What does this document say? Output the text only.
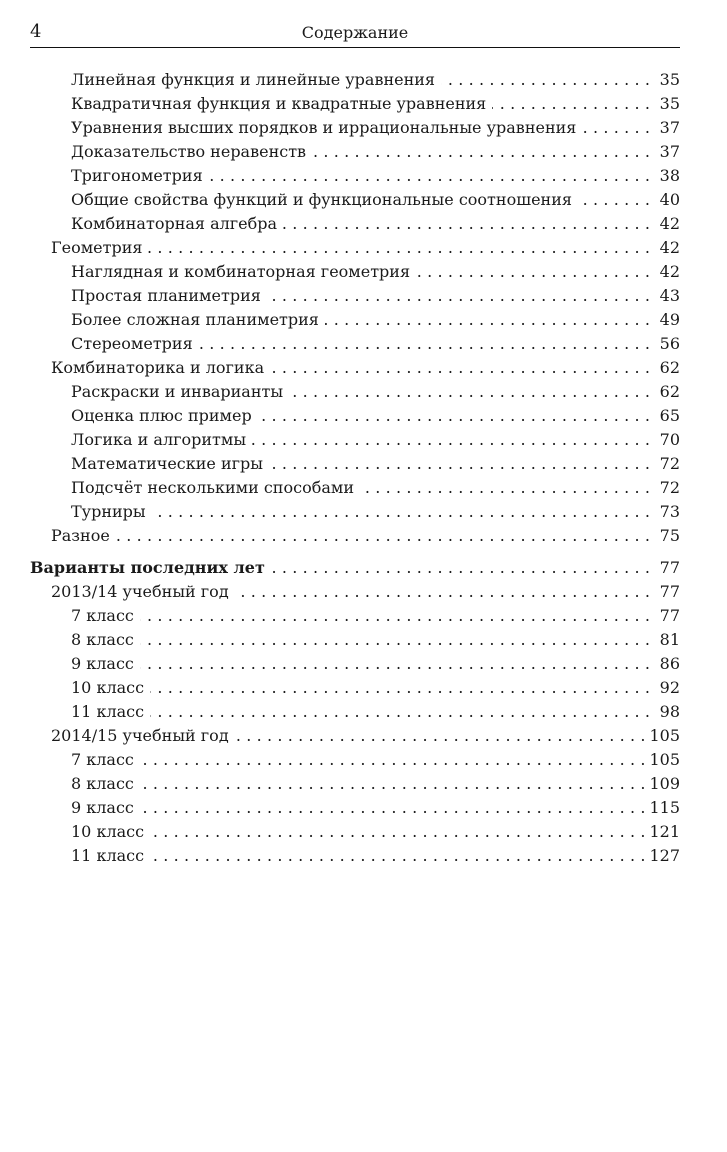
4	Содержание
Линейная функция и линейные уравнения . . .	35
Квадратичная функция и квадратные уравнения . . .	35
Уравнения высших порядков и иррациональные уравнения . . .	37
Доказательство неравенств . . .	37
Тригонометрия . . .	38
Общие свойства функций и функциональные соотношения . . .	40
Комбинаторная алгебра . . .	42
Геометрия . . .	42
Наглядная и комбинаторная геометрия . . .	42
Простая планиметрия . . .	43
Более сложная планиметрия . . .	49
Стереометрия . . .	56
Комбинаторика и логика . . .	62
Раскраски и инварианты . . .	62
Оценка плюс пример . . .	65
Логика и алгоритмы . . .	70
Математические игры . . .	72
Подсчёт несколькими способами . . .	72
Турниры . . .	73
Разное . . .	75
Варианты последних лет . . .	77
2013/14 учебный год . . .	77
7 класс . . .	77
8 класс . . .	81
9 класс . . .	86
10 класс . . .	92
11 класс . . .	98
2014/15 учебный год . . .	105
7 класс . . .	105
8 класс . . .	109
9 класс . . .	115
10 класс . . .	121
11 класс . . .	127
